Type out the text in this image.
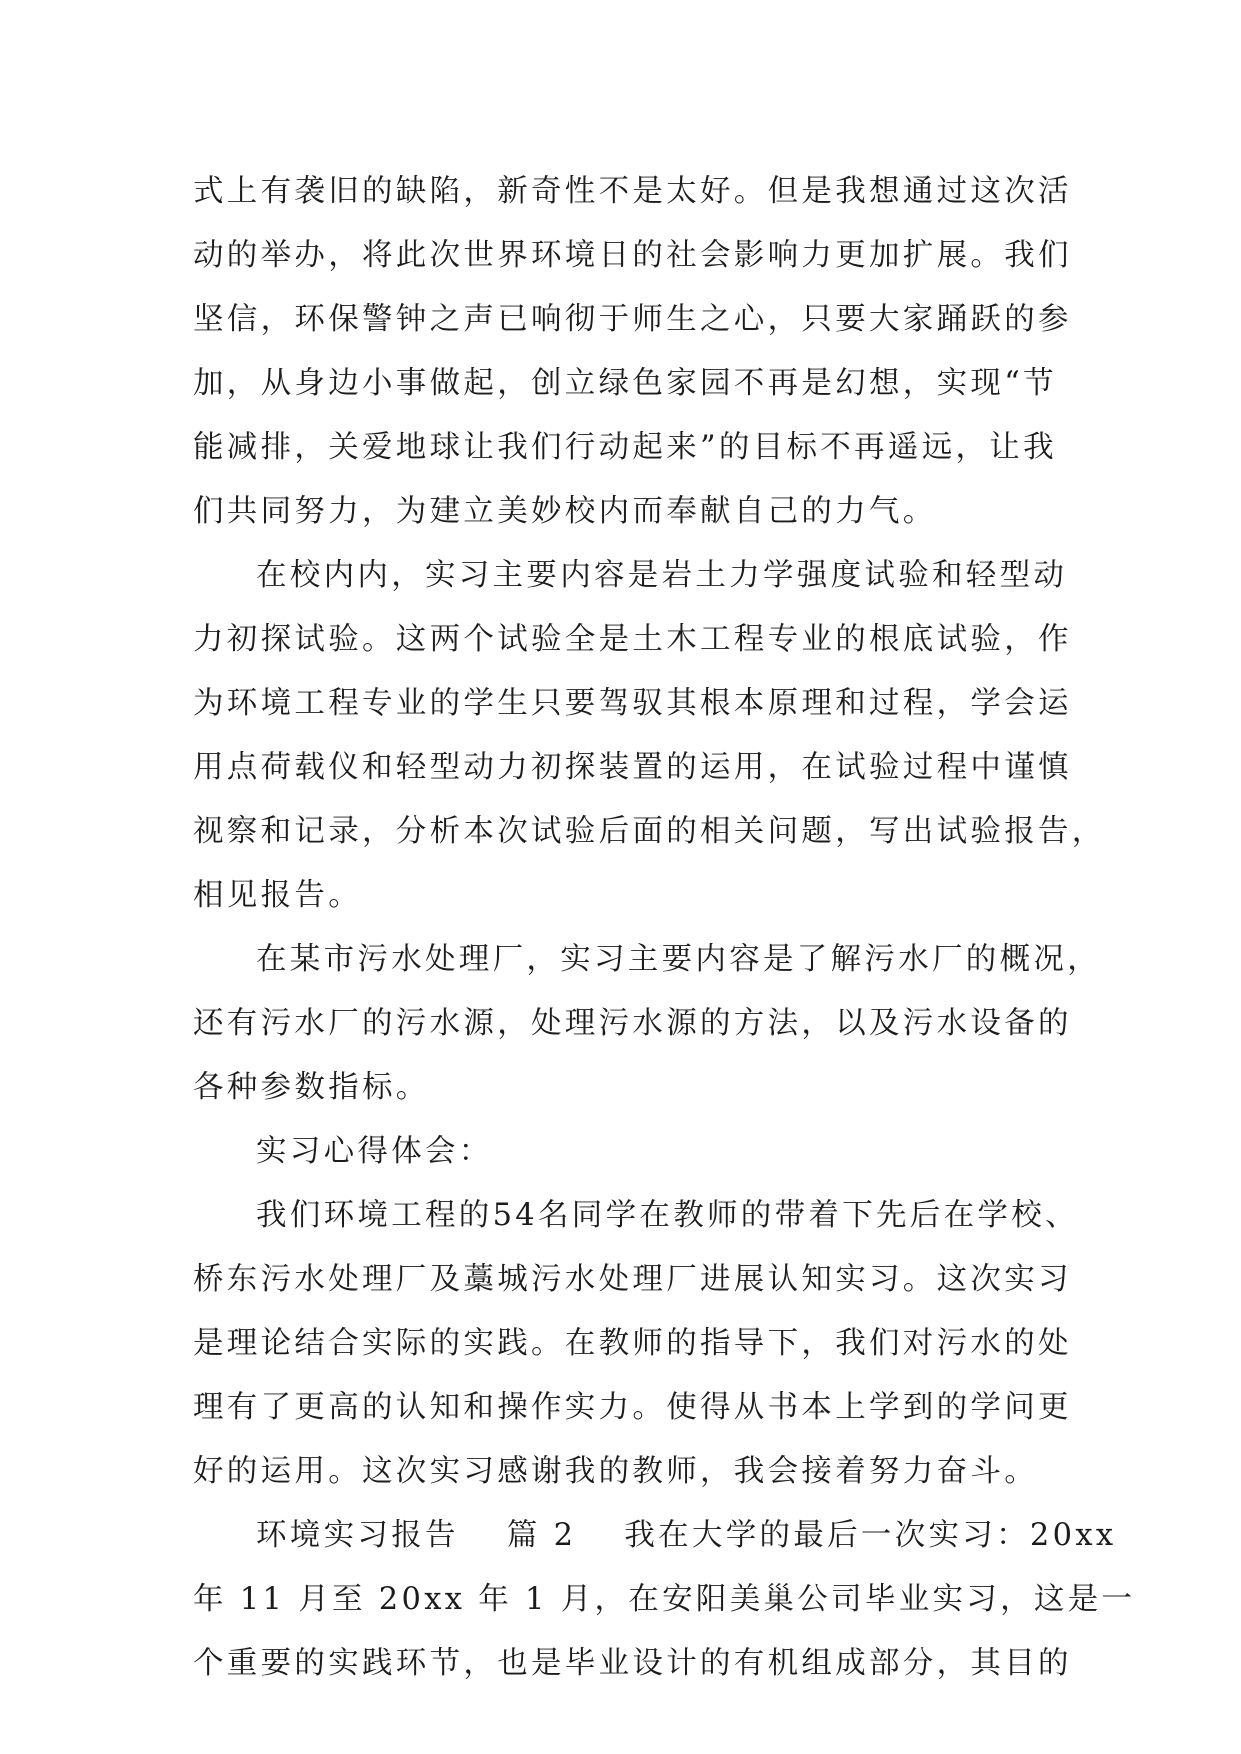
式上有袭旧的缺陷，新奇性不是太好。但是我想通过这次活
动的举办，将此次世界环境日的社会影响力更加扩展。我们
坚信，环保警钟之声已响彻于师生之心，只要大家踊跃的参
加，从身边小事做起，创立绿色家园不再是幻想，实现“节
能减排，关爱地球让我们行动起来”的目标不再遥远，让我
们共同努力，为建立美妙校内而奉献自己的力气。
在校内内，实习主要内容是岩土力学强度试验和轻型动
力初探试验。这两个试验全是土木工程专业的根底试验，作
为环境工程专业的学生只要驾驭其根本原理和过程，学会运
用点荷载仪和轻型动力初探装置的运用，在试验过程中谨慎
视察和记录，分析本次试验后面的相关问题，写出试验报告，
相见报告。
在某市污水处理厂，实习主要内容是了解污水厂的概况，
还有污水厂的污水源，处理污水源的方法，以及污水设备的
各种参数指标。
实习心得体会：
我们环境工程的54名同学在教师的带着下先后在学校、
桥东污水处理厂及藁城污水处理厂进展认知实习。这次实习
是理论结合实际的实践。在教师的指导下，我们对污水的处
理有了更高的认知和操作实力。使得从书本上学到的学问更
好的运用。这次实习感谢我的教师，我会接着努力奋斗。
环境实习报告 篇 2 我在大学的最后一次实习：20xx
年 11 月至 20xx 年 1 月，在安阳美巢公司毕业实习，这是一
个重要的实践环节，也是毕业设计的有机组成部分，其目的
